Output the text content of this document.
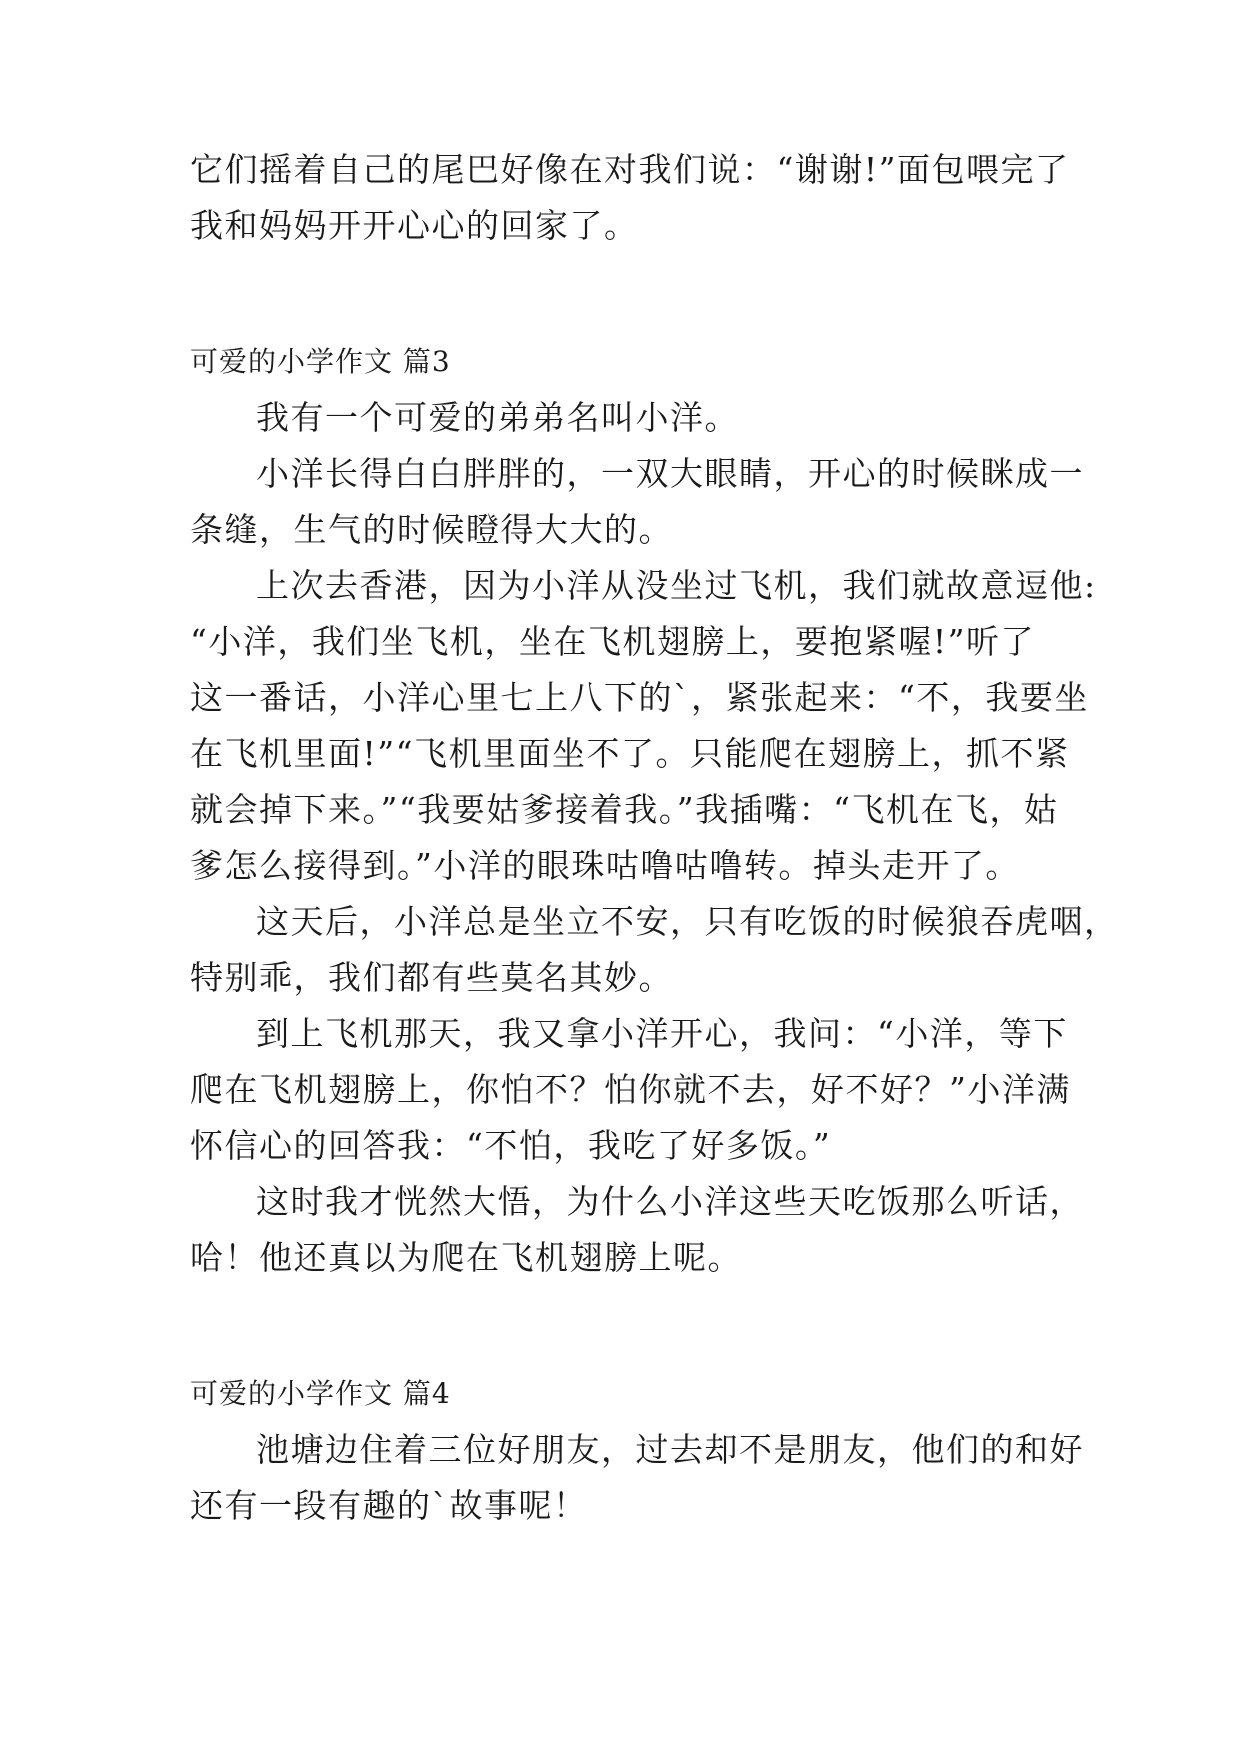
它们摇着自己的尾巴好像在对我们说：“谢谢!”面包喂完了
我和妈妈开开心心的回家了。
可爱的小学作文 篇3
我有一个可爱的弟弟名叫小洋。
小洋长得白白胖胖的，一双大眼睛，开心的时候眯成一
条缝，生气的时候瞪得大大的。
上次去香港，因为小洋从没坐过飞机，我们就故意逗他:
“小洋，我们坐飞机，坐在飞机翅膀上，要抱紧喔!”听了
这一番话，小洋心里七上八下的`，紧张起来：“不，我要坐
在飞机里面!”“飞机里面坐不了。只能爬在翅膀上，抓不紧
就会掉下来。”“我要姑爹接着我。”我插嘴：“飞机在飞，姑
爹怎么接得到。”小洋的眼珠咕噜咕噜转。掉头走开了。
这天后，小洋总是坐立不安，只有吃饭的时候狼吞虎咽，
特别乖，我们都有些莫名其妙。
到上飞机那天，我又拿小洋开心，我问：“小洋，等下
爬在飞机翅膀上，你怕不？怕你就不去，好不好？”小洋满
怀信心的回答我：“不怕，我吃了好多饭。”
这时我才恍然大悟，为什么小洋这些天吃饭那么听话，
哈！他还真以为爬在飞机翅膀上呢。
可爱的小学作文 篇4
池塘边住着三位好朋友，过去却不是朋友，他们的和好
还有一段有趣的`故事呢！
